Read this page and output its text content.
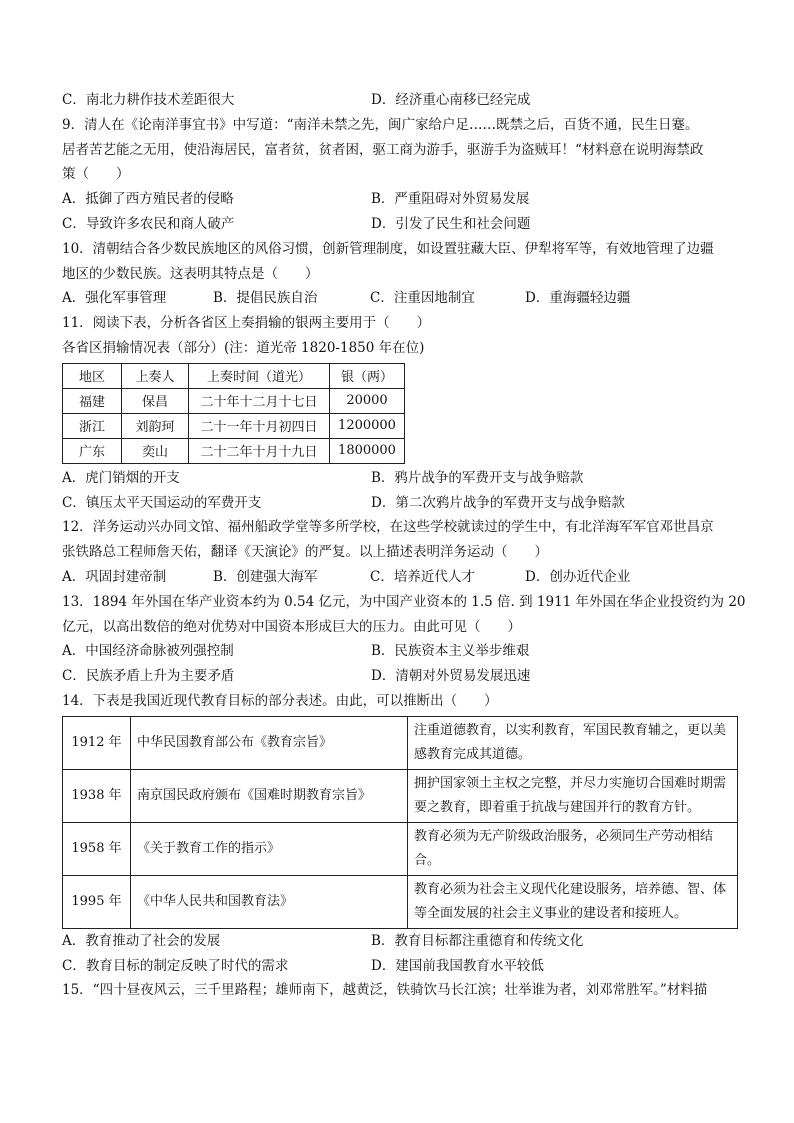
C．南北力耕作技术差距很大	D．经济重心南移已经完成
9．清人在《论南洋事宜书》中写道：“南洋未禁之先，闽广家给户足……既禁之后，百货不通，民生日蹇。
居者苦艺能之无用，使沿海居民，富者贫，贫者困，驱工商为游手，驱游手为盗贼耳！“材料意在说明海禁政
策（　　）
A．抵御了西方殖民者的侵略	B．严重阻碍对外贸易发展
C．导致许多农民和商人破产	D．引发了民生和社会问题
10．清朝结合各少数民族地区的风俗习惯，创新管理制度，如设置驻藏大臣、伊犁将军等，有效地管理了边疆
地区的少数民族。这表明其特点是（　　）
A．强化军事管理	B．提倡民族自治	C．注重因地制宜	D．重海疆轻边疆
11．阅读下表，分析各省区上奏捐输的银两主要用于（　　）
各省区捐输情况表（部分）(注：道光帝 1820-1850 年在位)
地区	上奏人	上奏时间（道光）	银（两）
福建	保昌	二十年十二月十七日	20000
浙江	刘韵珂	二十一年十月初四日	1200000
广东	奕山	二十二年十月十九日	1800000
A．虎门销烟的开支	B．鸦片战争的军费开支与战争赔款
C．镇压太平天国运动的军费开支	D．第二次鸦片战争的军费开支与战争赔款
12．洋务运动兴办同文馆、福州船政学堂等多所学校，在这些学校就读过的学生中，有北洋海军军官邓世昌京
张铁路总工程师詹天佑，翻译《天演论》的严复。以上描述表明洋务运动（　　）
A．巩固封建帝制	B．创建强大海军	C．培养近代人才	D．创办近代企业
13．1894 年外国在华产业资本约为 0.54 亿元，为中国产业资本的 1.5 倍. 到 1911 年外国在华企业投资约为 20
亿元，以高出数倍的绝对优势对中国资本形成巨大的压力。由此可见（　　）
A．中国经济命脉被列强控制	B．民族资本主义举步维艰
C．民族矛盾上升为主要矛盾	D．清朝对外贸易发展迅速
14．下表是我国近现代教育目标的部分表述。由此，可以推断出（　　）
1912 年	中华民国教育部公布《教育宗旨》	注重道德教育，以实利教育，军国民教育辅之，更以美感教育完成其道德。
1938 年	南京国民政府颁布《国难时期教育宗旨》	拥护国家领土主权之完整，并尽力实施切合国难时期需要之教育，即着重于抗战与建国并行的教育方针。
1958 年	《关于教育工作的指示》	教育必须为无产阶级政治服务，必须同生产劳动相结合。
1995 年	《中华人民共和国教育法》	教育必须为社会主义现代化建设服务，培养德、智、体等全面发展的社会主义事业的建设者和接班人。
A．教育推动了社会的发展	B．教育目标都注重德育和传统文化
C．教育目标的制定反映了时代的需求	D．建国前我国教育水平较低
15．“四十昼夜风云，三千里路程；雄师南下，越黄泛，铁骑饮马长江滨；壮举谁为者，刘邓常胜军。”材料描
